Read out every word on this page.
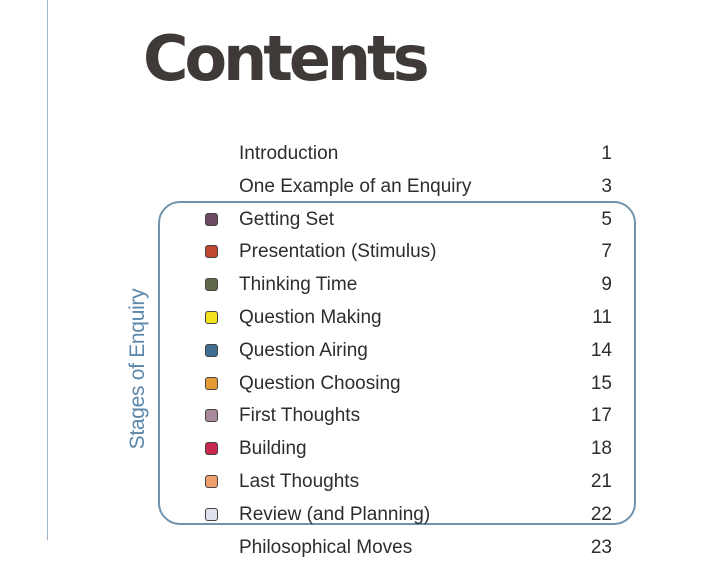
Contents
Stages of Enquiry
Introduction	1
One Example of an Enquiry	3
Getting Set	5
Presentation (Stimulus)	7
Thinking Time	9
Question Making	11
Question Airing	14
Question Choosing	15
First Thoughts	17
Building	18
Last Thoughts	21
Review (and Planning)	22
Philosophical Moves	23
